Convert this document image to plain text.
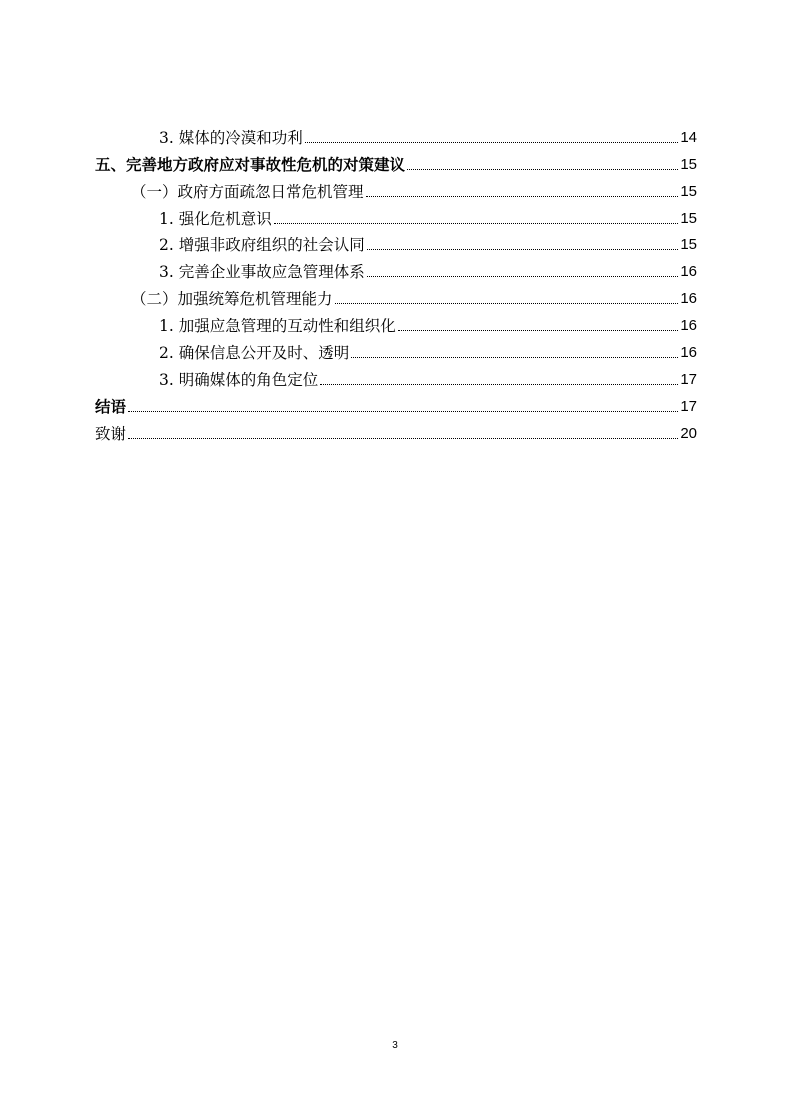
3. 媒体的冷漠和功利	14
五、完善地方政府应对事故性危机的对策建议	15
（一）政府方面疏忽日常危机管理	15
1. 强化危机意识	15
2. 增强非政府组织的社会认同	15
3. 完善企业事故应急管理体系	16
（二）加强统筹危机管理能力	16
1. 加强应急管理的互动性和组织化	16
2. 确保信息公开及时、透明	16
3. 明确媒体的角色定位	17
结语	17
致谢	20
3
